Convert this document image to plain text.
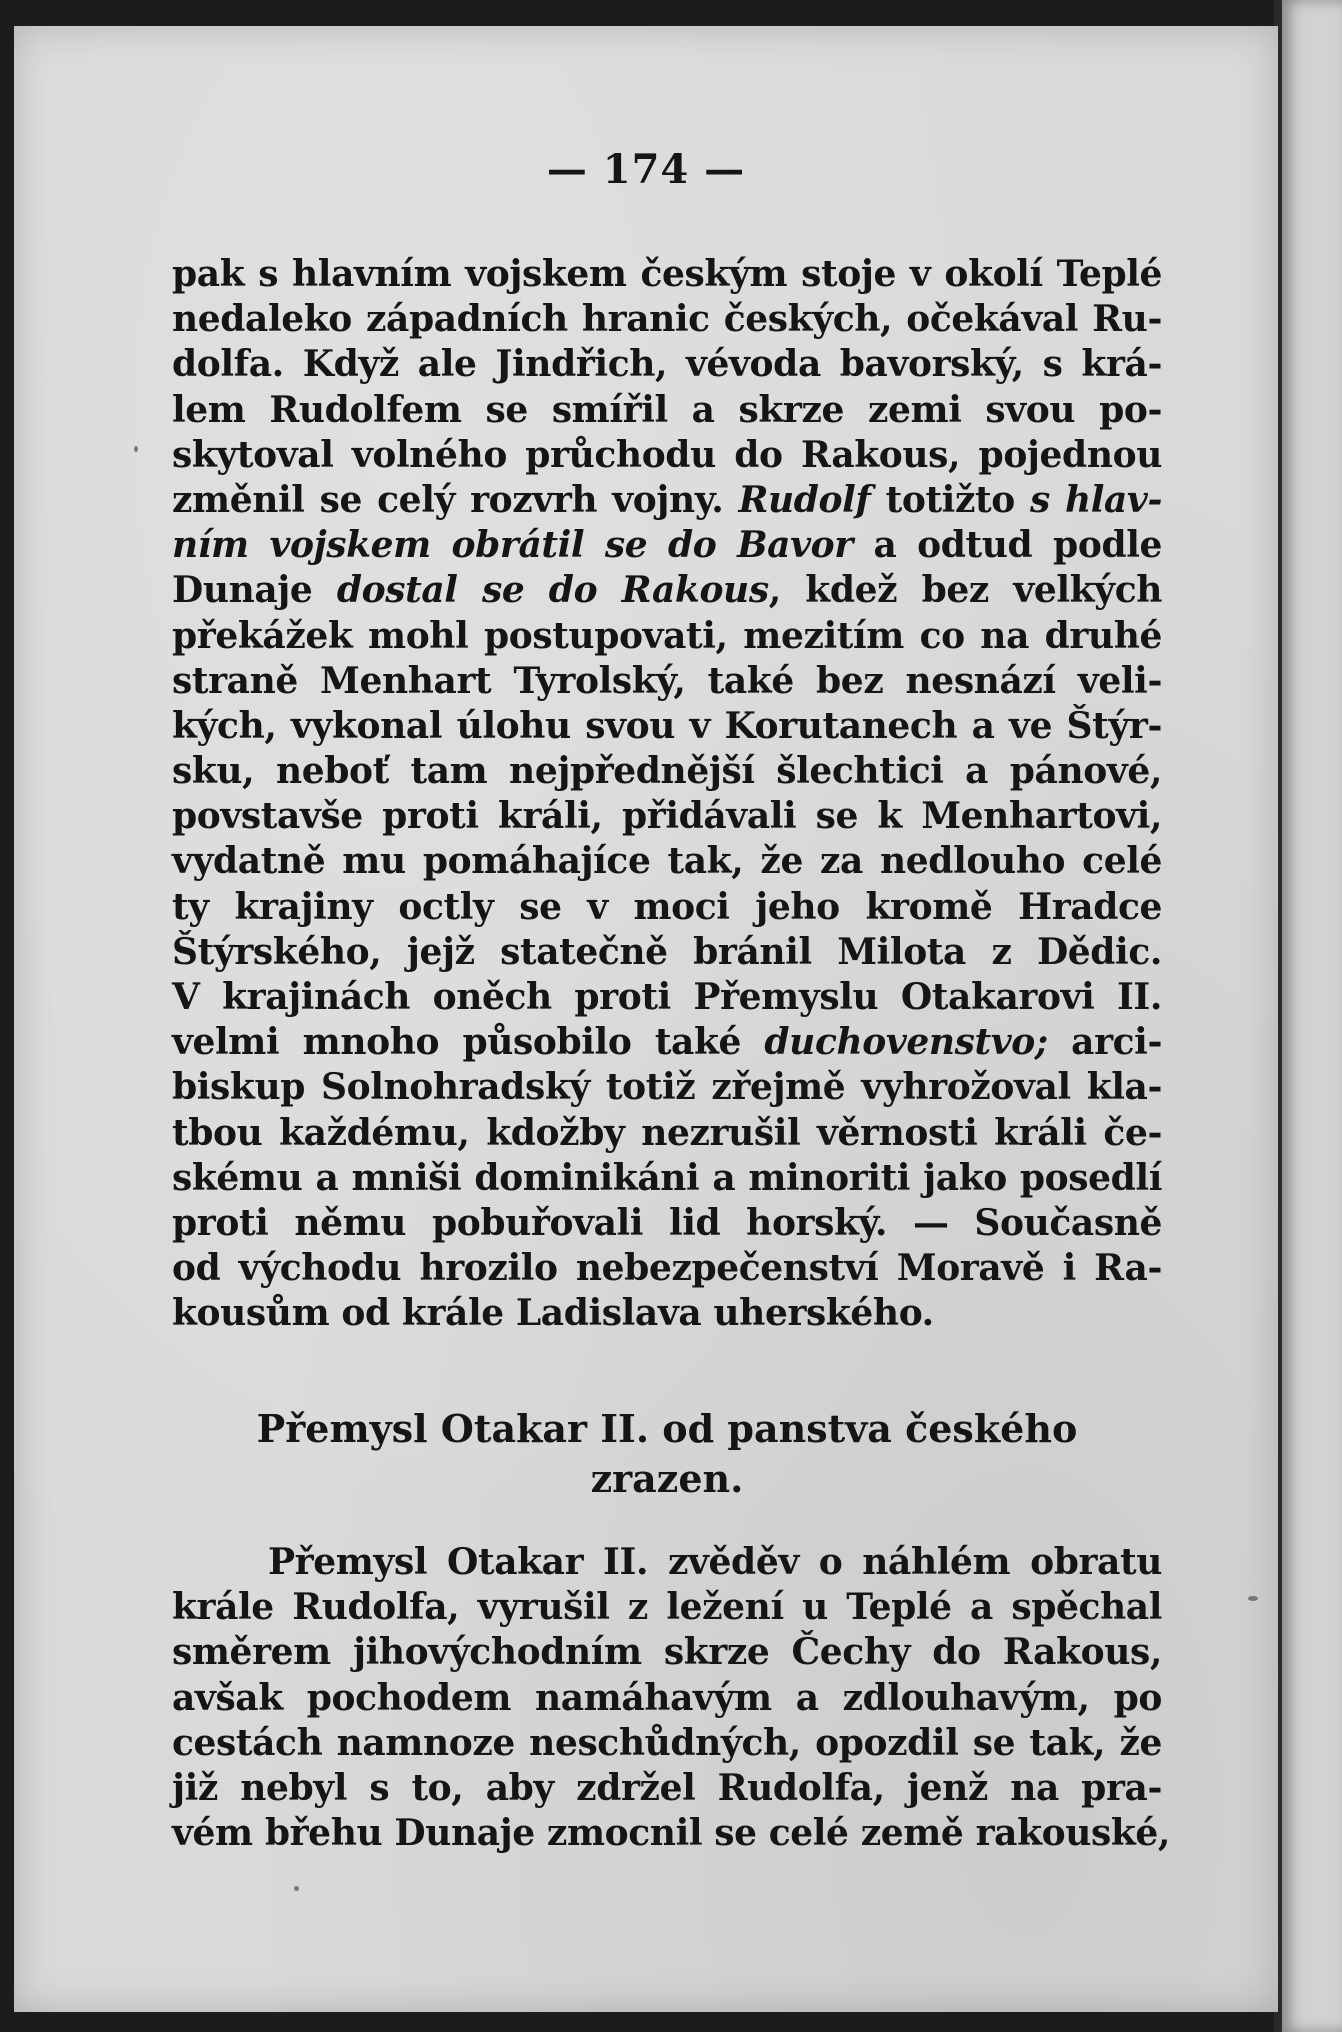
— 174 —
pak s hlavním vojskem českým stoje v okolí Teplé
nedaleko západních hranic českých, očekával Ru-
dolfa. Když ale Jindřich, vévoda bavorský, s krá-
lem Rudolfem se smířil a skrze zemi svou po-
skytoval volného průchodu do Rakous, pojednou
změnil se celý rozvrh vojny. Rudolf totižto s hlav-
ním vojskem obrátil se do Bavor a odtud podle
Dunaje dostal se do Rakous, kdež bez velkých
překážek mohl postupovati, mezitím co na druhé
straně Menhart Tyrolský, také bez nesnází veli-
kých, vykonal úlohu svou v Korutanech a ve Štýr-
sku, neboť tam nejpřednější šlechtici a pánové,
povstavše proti králi, přidávali se k Menhartovi,
vydatně mu pomáhajíce tak, že za nedlouho celé
ty krajiny octly se v moci jeho kromě Hradce
Štýrského, jejž statečně bránil Milota z Dědic.
V krajinách oněch proti Přemyslu Otakarovi II.
velmi mnoho působilo také duchovenstvo; arci-
biskup Solnohradský totiž zřejmě vyhrožoval kla-
tbou každému, kdožby nezrušil věrnosti králi če-
skému a mniši dominikáni a minoriti jako posedlí
proti němu pobuřovali lid horský. — Současně
od východu hrozilo nebezpečenství Moravě i Ra-
kousům od krále Ladislava uherského.
Přemysl Otakar II. od panstva českého
zrazen.
Přemysl Otakar II. zvěděv o náhlém obratu
krále Rudolfa, vyrušil z ležení u Teplé a spěchal
směrem jihovýchodním skrze Čechy do Rakous,
avšak pochodem namáhavým a zdlouhavým, po
cestách namnoze neschůdných, opozdil se tak, že
již nebyl s to, aby zdržel Rudolfa, jenž na pra-
vém břehu Dunaje zmocnil se celé země rakouské,
